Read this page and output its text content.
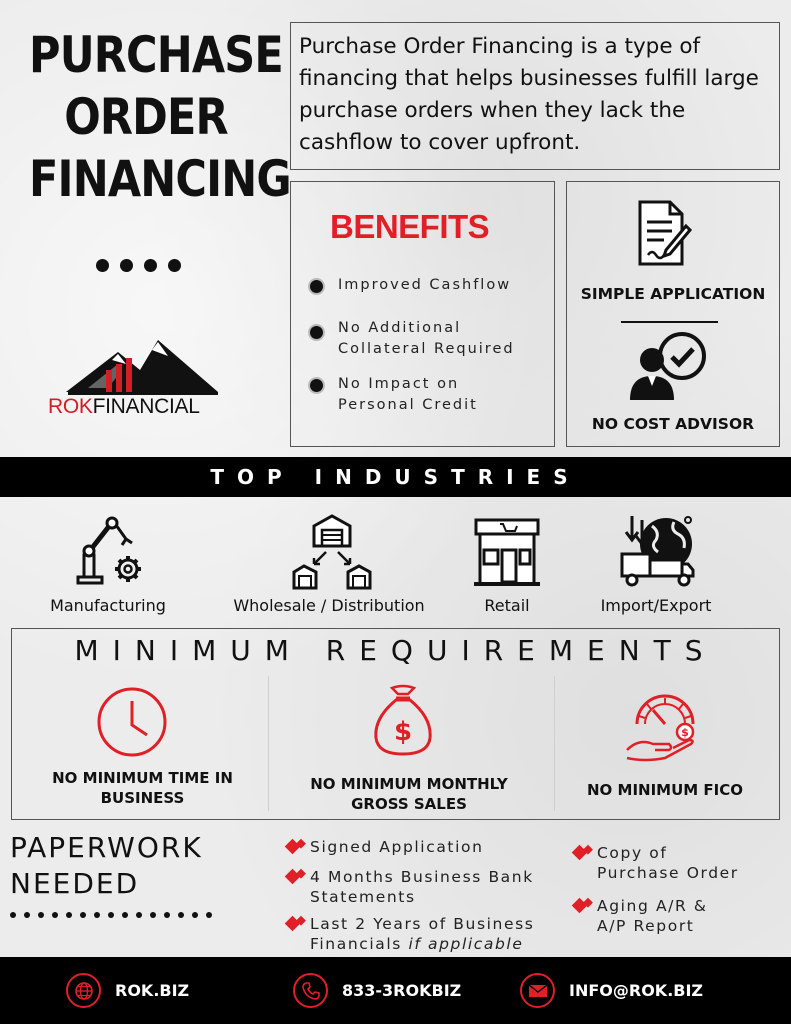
PURCHASE
ORDER
FINANCING
ROKFINANCIAL

Purchase Order Financing is a type of financing that helps businesses fulfill large purchase orders when they lack the cashflow to cover upfront.

BENEFITS
Improved Cashflow
No Additional
Collateral Required
No Impact on
Personal Credit
SIMPLE APPLICATION
NO COST ADVISOR
TOP INDUSTRIES
Manufacturing	Wholesale / Distribution	Retail	Import/Export
MINIMUM REQUIREMENTS
NO MINIMUM TIME IN
BUSINESS
$
NO MINIMUM MONTHLY
GROSS SALES
$
NO MINIMUM FICO
PAPERWORK
NEEDED
Signed Application
4 Months Business Bank
Statements
Last 2 Years of Business
Financials if applicable
Copy of
Purchase Order
Aging A/R &
A/P Report
ROK.BIZ	833-3ROKBIZ	INFO@ROK.BIZ
